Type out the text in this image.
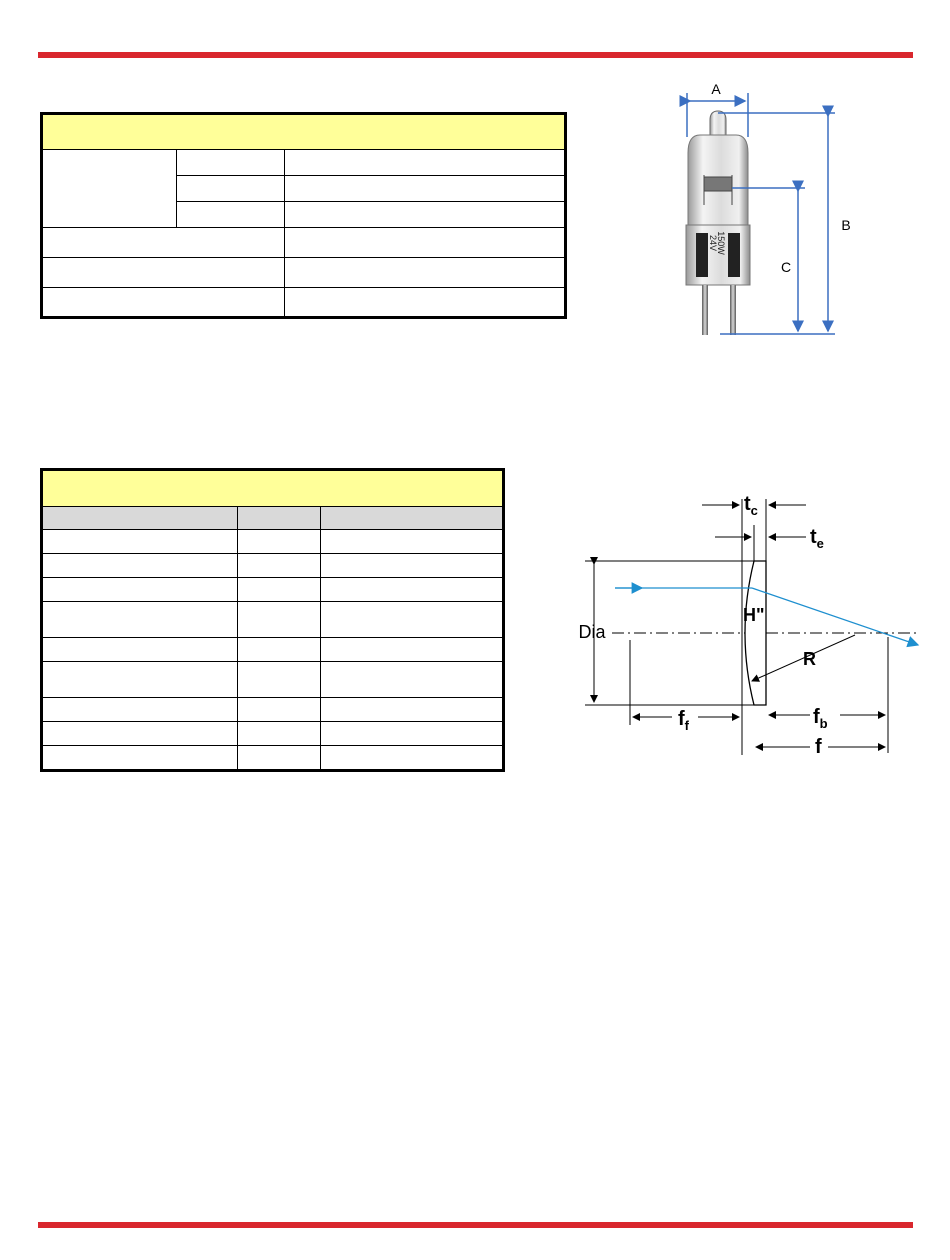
150W
24V
A
B
C
Dia
$t_c$
$t_e$
H"
R
$f_f$	$f_b$
f
